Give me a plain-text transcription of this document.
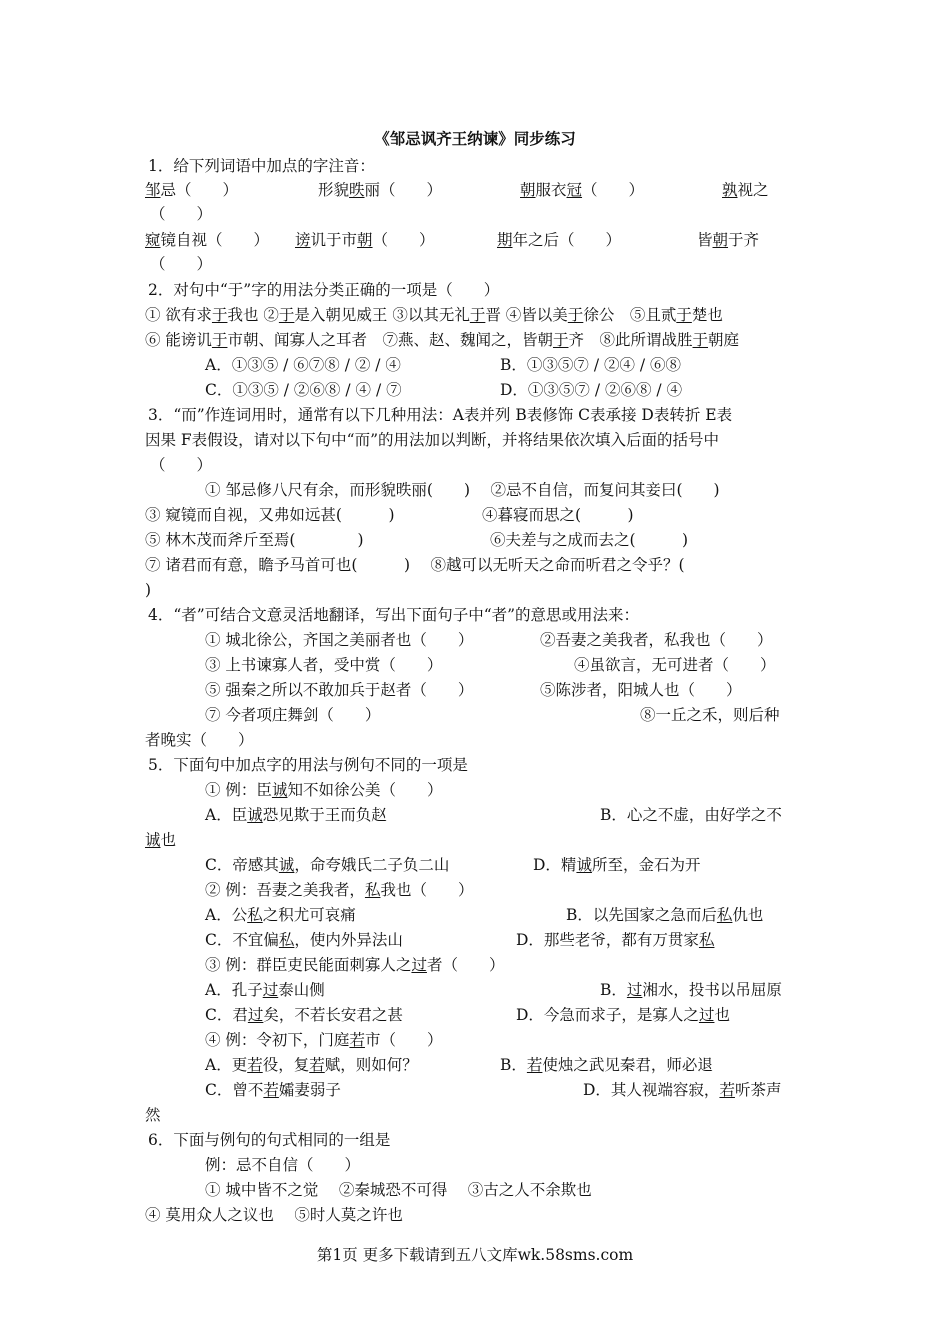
《邹忌讽齐王纳谏》同步练习
1．给下列词语中加点的字注音：
邹忌（　　）	形貌昳丽（　　）	朝服衣冠（　　）	孰视之
（　　）
窥镜自视（　　） 谤讥于市朝（　　）	期年之后（　　）	皆朝于齐
（　　）
2．对句中“于”字的用法分类正确的一项是（　　）
① 欲有求于我也 ②于是入朝见威王 ③以其无礼于晋 ④皆以美于徐公　⑤且贰于楚也
⑥ 能谤讥于市朝、闻寡人之耳者　⑦燕、赵、魏闻之，皆朝于齐　⑧此所谓战胜于朝庭
A．①③⑤ / ⑥⑦⑧ / ② / ④	B．①③⑤⑦ / ②④ / ⑥⑧
C．①③⑤ / ②⑥⑧ / ④ / ⑦	D．①③⑤⑦ / ②⑥⑧ / ④
3．“而”作连词用时，通常有以下几种用法：A表并列 B表修饰 C表承接 D表转折 E表
因果 F表假设，请对以下句中“而”的用法加以判断，并将结果依次填入后面的括号中
（　　）
① 邹忌修八尺有余，而形貌昳丽(　　)　 ②忌不自信，而复问其妾曰(　　)
③ 窥镜而自视，又弗如远甚(　　　)	④暮寝而思之(　　　)
⑤ 林木茂而斧斤至焉(　　　　)	⑥夫差与之成而去之(　　　)
⑦ 诸君而有意，瞻予马首可也(　　　)　 ⑧越可以无听天之命而听君之令乎？(
)
4．“者”可结合文意灵活地翻译，写出下面句子中“者”的意思或用法来：
① 城北徐公，齐国之美丽者也（　　）	②吾妻之美我者，私我也（　　）
③ 上书谏寡人者，受中赏（　　）	④虽欲言，无可进者（　　）
⑤ 强秦之所以不敢加兵于赵者（　　）	⑤陈涉者，阳城人也（　　）
⑦ 今者项庄舞剑（　　）	⑧一丘之禾，则后种
者晚实（　　）
5．下面句中加点字的用法与例句不同的一项是
① 例：臣诚知不如徐公美（　　）
A．臣诚恐见欺于王而负赵	B．心之不虚，由好学之不
诚也
C．帝感其诚，命夸娥氏二子负二山	D．精诚所至，金石为开
② 例：吾妻之美我者，私我也（　　）
A．公私之积尤可哀痛	B．以先国家之急而后私仇也
C．不宜偏私，使内外异法山	D．那些老爷，都有万贯家私
③ 例：群臣吏民能面刺寡人之过者（　　）
A．孔子过泰山侧	B．过湘水，投书以吊屈原
C．君过矣，不若长安君之甚	D．今急而求子，是寡人之过也
④ 例：令初下，门庭若市（　　）
A．更若役，复若赋，则如何？	B．若使烛之武见秦君，师必退
C．曾不若孀妻弱子	D．其人视端容寂，若听茶声
然
6．下面与例句的句式相同的一组是
例：忌不自信（　　）
① 城中皆不之觉　 ②秦城恐不可得　 ③古之人不余欺也
④ 莫用众人之议也　 ⑤时人莫之许也
第1页 更多下载请到五八文库wk.58sms.com
